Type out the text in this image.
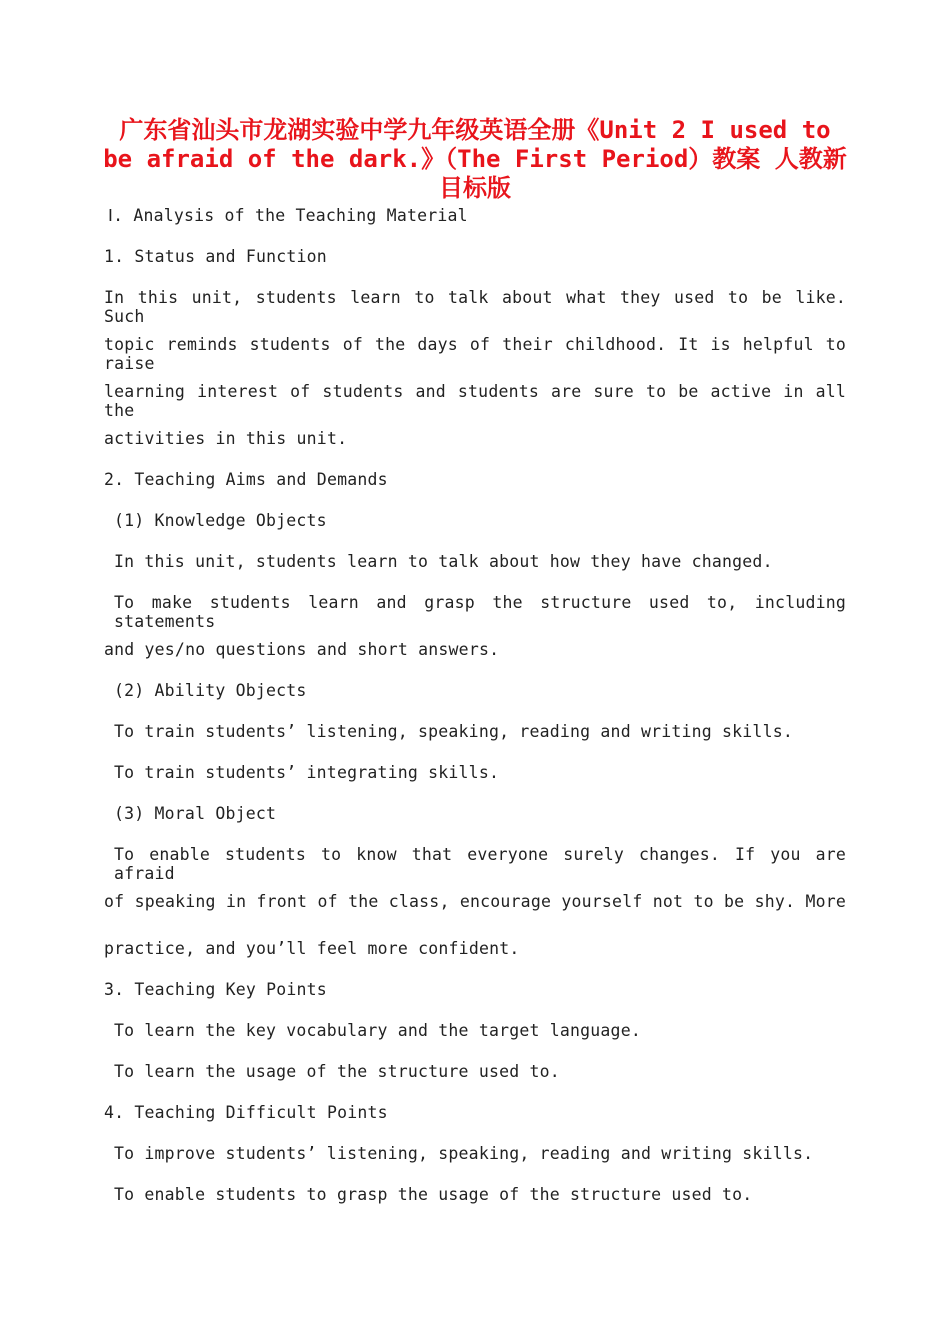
广东省汕头市龙湖实验中学九年级英语全册《Unit 2 I used to be afraid of the dark.》（The First Period）教案 人教新目标版
Ⅰ. Analysis of the Teaching Material
1. Status and Function
In this unit, students learn to talk about what they used to be like. Such
topic reminds students of the days of their childhood. It is helpful to raise
learning interest of students and students are sure to be active in all the
activities in this unit.
2. Teaching Aims and Demands
(1) Knowledge Objects
In this unit, students learn to talk about how they have changed.
To make students learn and grasp the structure used to, including statements
and yes/no questions and short answers.
(2) Ability Objects
To train students’ listening, speaking, reading and writing skills.
To train students’ integrating skills.
(3) Moral Object
To enable students to know that everyone surely changes. If you are afraid
of speaking in front of the class, encourage yourself not to be shy. More
practice, and you’ll feel more confident.
3. Teaching Key Points
To learn the key vocabulary and the target language.
To learn the usage of the structure used to.
4. Teaching Difficult Points
To improve students’ listening, speaking, reading and writing skills.
To enable students to grasp the usage of the structure used to.
